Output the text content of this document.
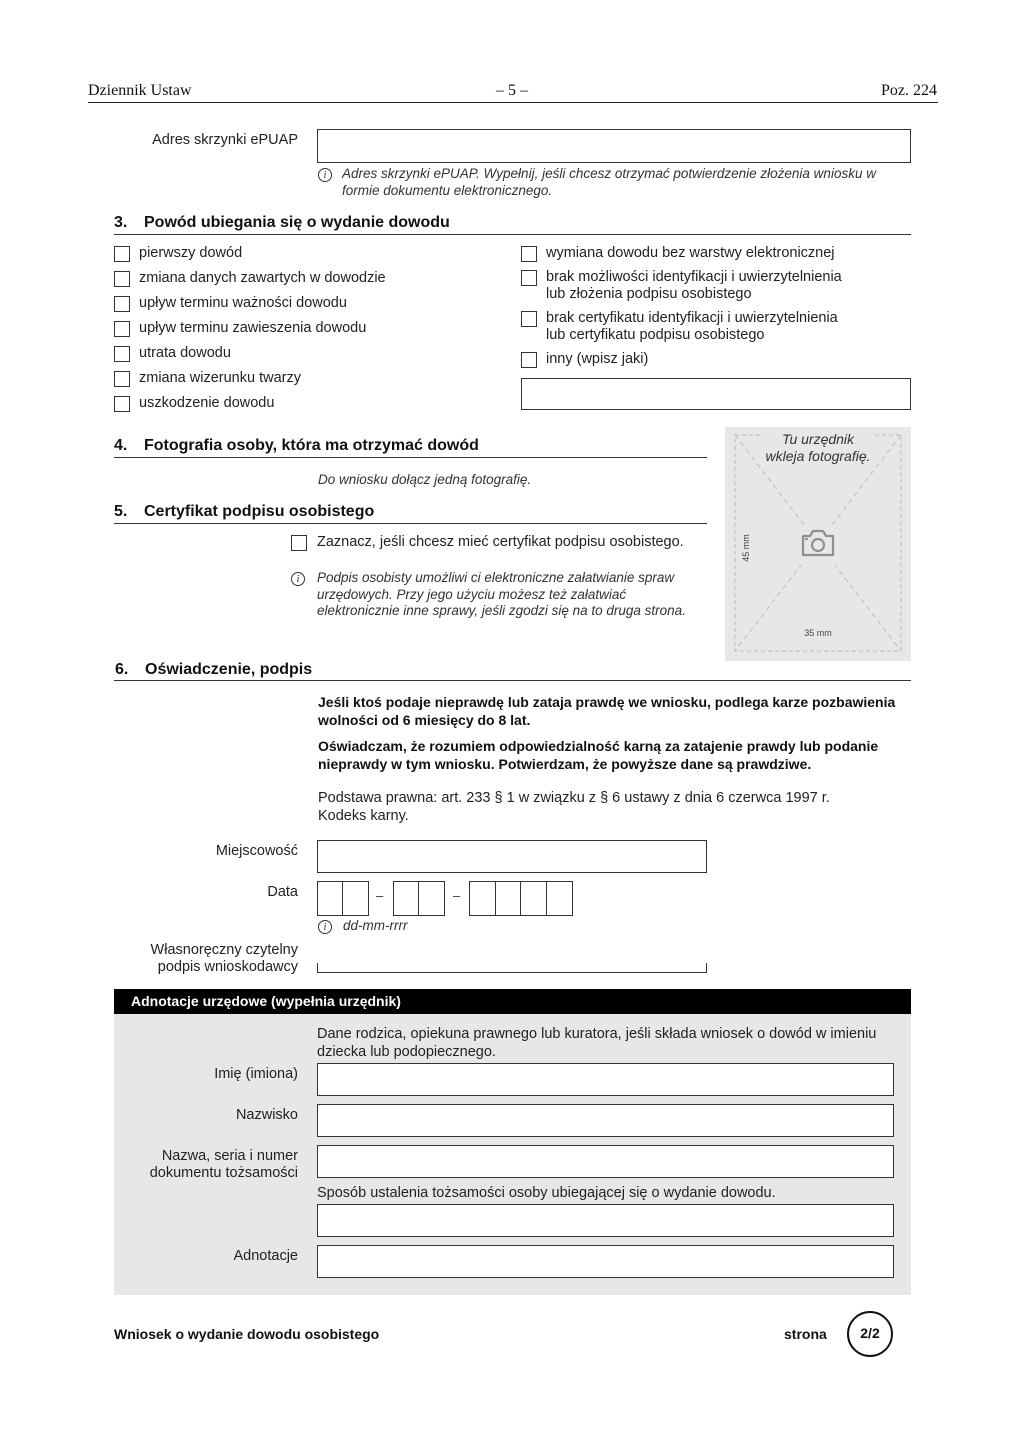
Dziennik Ustaw	– 5 –	Poz. 224
Adres skrzynki ePUAP
i	Adres skrzynki ePUAP. Wypełnij, jeśli chcesz otrzymać potwierdzenie złożenia wniosku w formie dokumentu elektronicznego.
3. Powód ubiegania się o wydanie dowodu
pierwszy dowód
zmiana danych zawartych w dowodzie
upływ terminu ważności dowodu
upływ terminu zawieszenia dowodu
utrata dowodu
zmiana wizerunku twarzy
uszkodzenie dowodu
wymiana dowodu bez warstwy elektronicznej
brak możliwości identyfikacji i uwierzytelnienia lub złożenia podpisu osobistego
brak certyfikatu identyfikacji i uwierzytelnienia lub certyfikatu podpisu osobistego
inny (wpisz jaki)
4. Fotografia osoby, która ma otrzymać dowód
Do wniosku dołącz jedną fotografię.
Tu urzędnik wkleja fotografię.
45 mm
35 mm
5. Certyfikat podpisu osobistego
Zaznacz, jeśli chcesz mieć certyfikat podpisu osobistego.
i	Podpis osobisty umożliwi ci elektroniczne załatwianie spraw urzędowych. Przy jego użyciu możesz też załatwiać elektronicznie inne sprawy, jeśli zgodzi się na to druga strona.
6. Oświadczenie, podpis
Jeśli ktoś podaje nieprawdę lub zataja prawdę we wniosku, podlega karze pozbawienia wolności od 6 miesięcy do 8 lat.
Oświadczam, że rozumiem odpowiedzialność karną za zatajenie prawdy lub podanie nieprawdy w tym wniosku. Potwierdzam, że powyższe dane są prawdziwe.
Podstawa prawna: art. 233 § 1 w związku z § 6 ustawy z dnia 6 czerwca 1997 r. Kodeks karny.
Miejscowość
Data	–	–
i	dd-mm-rrrr
Własnoręczny czytelny podpis wnioskodawcy
Adnotacje urzędowe (wypełnia urzędnik)
Dane rodzica, opiekuna prawnego lub kuratora, jeśli składa wniosek o dowód w imieniu dziecka lub podopiecznego.
Imię (imiona)
Nazwisko
Nazwa, seria i numer dokumentu tożsamości
Sposób ustalenia tożsamości osoby ubiegającej się o wydanie dowodu.
Adnotacje
Wniosek o wydanie dowodu osobistego	strona	2/2
